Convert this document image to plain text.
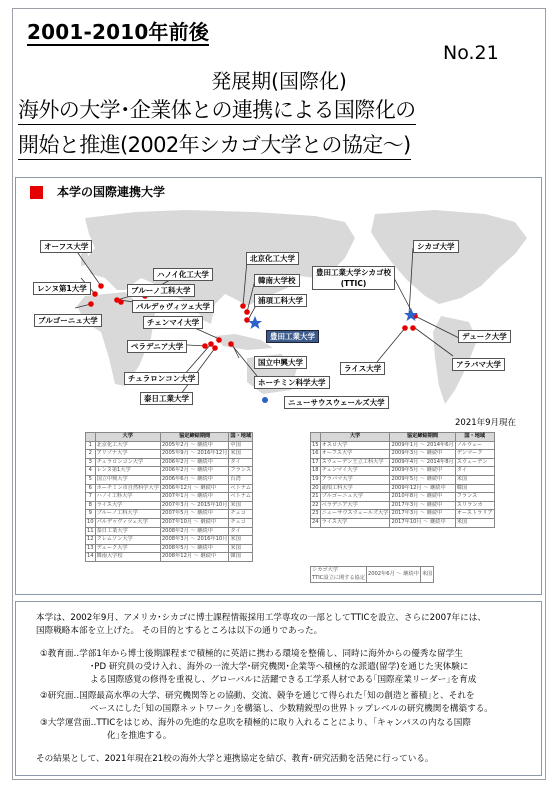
2001-2010年前後
No.21
発展期(国際化)
海外の大学･企業体との連携による国際化の
開始と推進(2002年シカゴ大学との協定〜)
本学の国際連携大学
オーフス大学
レンヌ第1大学
ブルゴーニュ大学
ハノイ化工大学
ブルーノ工科大学
パルデゥヴィツェ大学
チェンマイ大学
ペラデニア大学
チュラロンコン大学
泰日工業大学
北京化工大学
韓南大学校
浦項工科大学
豊田工業大学
国立中興大学
ホーチミン科学大学
ニューサウスウェールズ大学
シカゴ大学
豊田工業大学シカゴ校
(TTIC)
デューク大学
アラバマ大学
ライス大学
2021年9月現在
	大学	協定締結期間	国・地域
1	北京化工大学	2005年2月 ～ 継続中	中国
2	アリゾナ大学	2005年9月 ～ 2016年12月	米国
3	チュラロンコン大学	2006年2月 ～ 継続中	タイ
4	レンヌ第1大学	2006年2月 ～ 継続中	フランス
5	国立中興大学	2006年6月 ～ 継続中	台湾
6	ホーチミン市自然科学大学	2006年12月 ～ 継続中	ベトナム
7	ハノイ工科大学	2007年1月 ～ 継続中	ベトナム
8	ライス大学	2007年3月 ～ 2015年10月	米国
9	ブルーノ工科大学	2007年5月 ～ 継続中	チェコ
10	パルデゥヴィツェ大学	2007年10月 ～ 継続中	チェコ
11	泰日工業大学	2008年2月 ～ 継続中	タイ
12	クレムソン大学	2008年3月 ～ 2016年10月	米国
13	デューク大学	2008年5月 ～ 継続中	米国
14	韓南大学校	2008年12月 ～ 継続中	韓国
	大学	協定締結期間	国・地域
15	オスロ大学	2009年1月 ～ 2014年6月	ノルウェー
16	オーフス大学	2009年3月 ～ 継続中	デンマーク
17	スウェーデン王立工科大学	2009年4月 ～ 2014年8月	スウェーデン
18	チェンマイ大学	2009年5月 ～ 継続中	タイ
19	アラバマ大学	2009年5月 ～ 継続中	米国
20	浦項工科大学	2009年12月 ～ 継続中	韓国
21	ブルゴーニュ大学	2010年8月 ～ 継続中	フランス
22	ペラデニア大学	2017年3月 ～ 継続中	スリランカ
23	ニューサウスウェールズ大学	2017年3月 ～ 継続中	オーストラリア
24	ライス大学	2017年10月 ～ 継続中	米国
シカゴ大学
TTIC設立に関する協定	2002年6月 ～ 継続中	米国
本学は、2002年9月、アメリカ･シカゴに博士課程情報採用工学専攻の一部としてTTICを設立、さらに2007年には、
国際戦略本部を立上げた。 その目的とするところは以下の通りであった。
①教育面‥学部1年から博士後期課程まで積極的に英語に携わる環境を整備し、同時に海外からの優秀な留学生
･PD 研究員の受け入れ、海外の一流大学･研究機関･企業等へ積極的な派遣(留学)を通じた実体験に
よる国際感覚の修得を重視し、グローバルに活躍できる工学系人材である｢国際産業リーダー｣を育成
②研究面‥国際最高水準の大学、研究機関等との協動、交流、競争を通じて得られた｢知の創造と蓄積｣と、それを
ベースにした｢知の国際ネットワーク｣を構築し、少数精鋭型の世界トップレベルの研究機関を構築する。
③大学運営面‥TTICをはじめ、海外の先進的な息吹を積極的に取り入れることにより、｢キャンパスの内なる国際
化｣を推進する。
その結果として、2021年現在21校の海外大学と連携協定を結び、教育･研究活動を活発に行っている。
